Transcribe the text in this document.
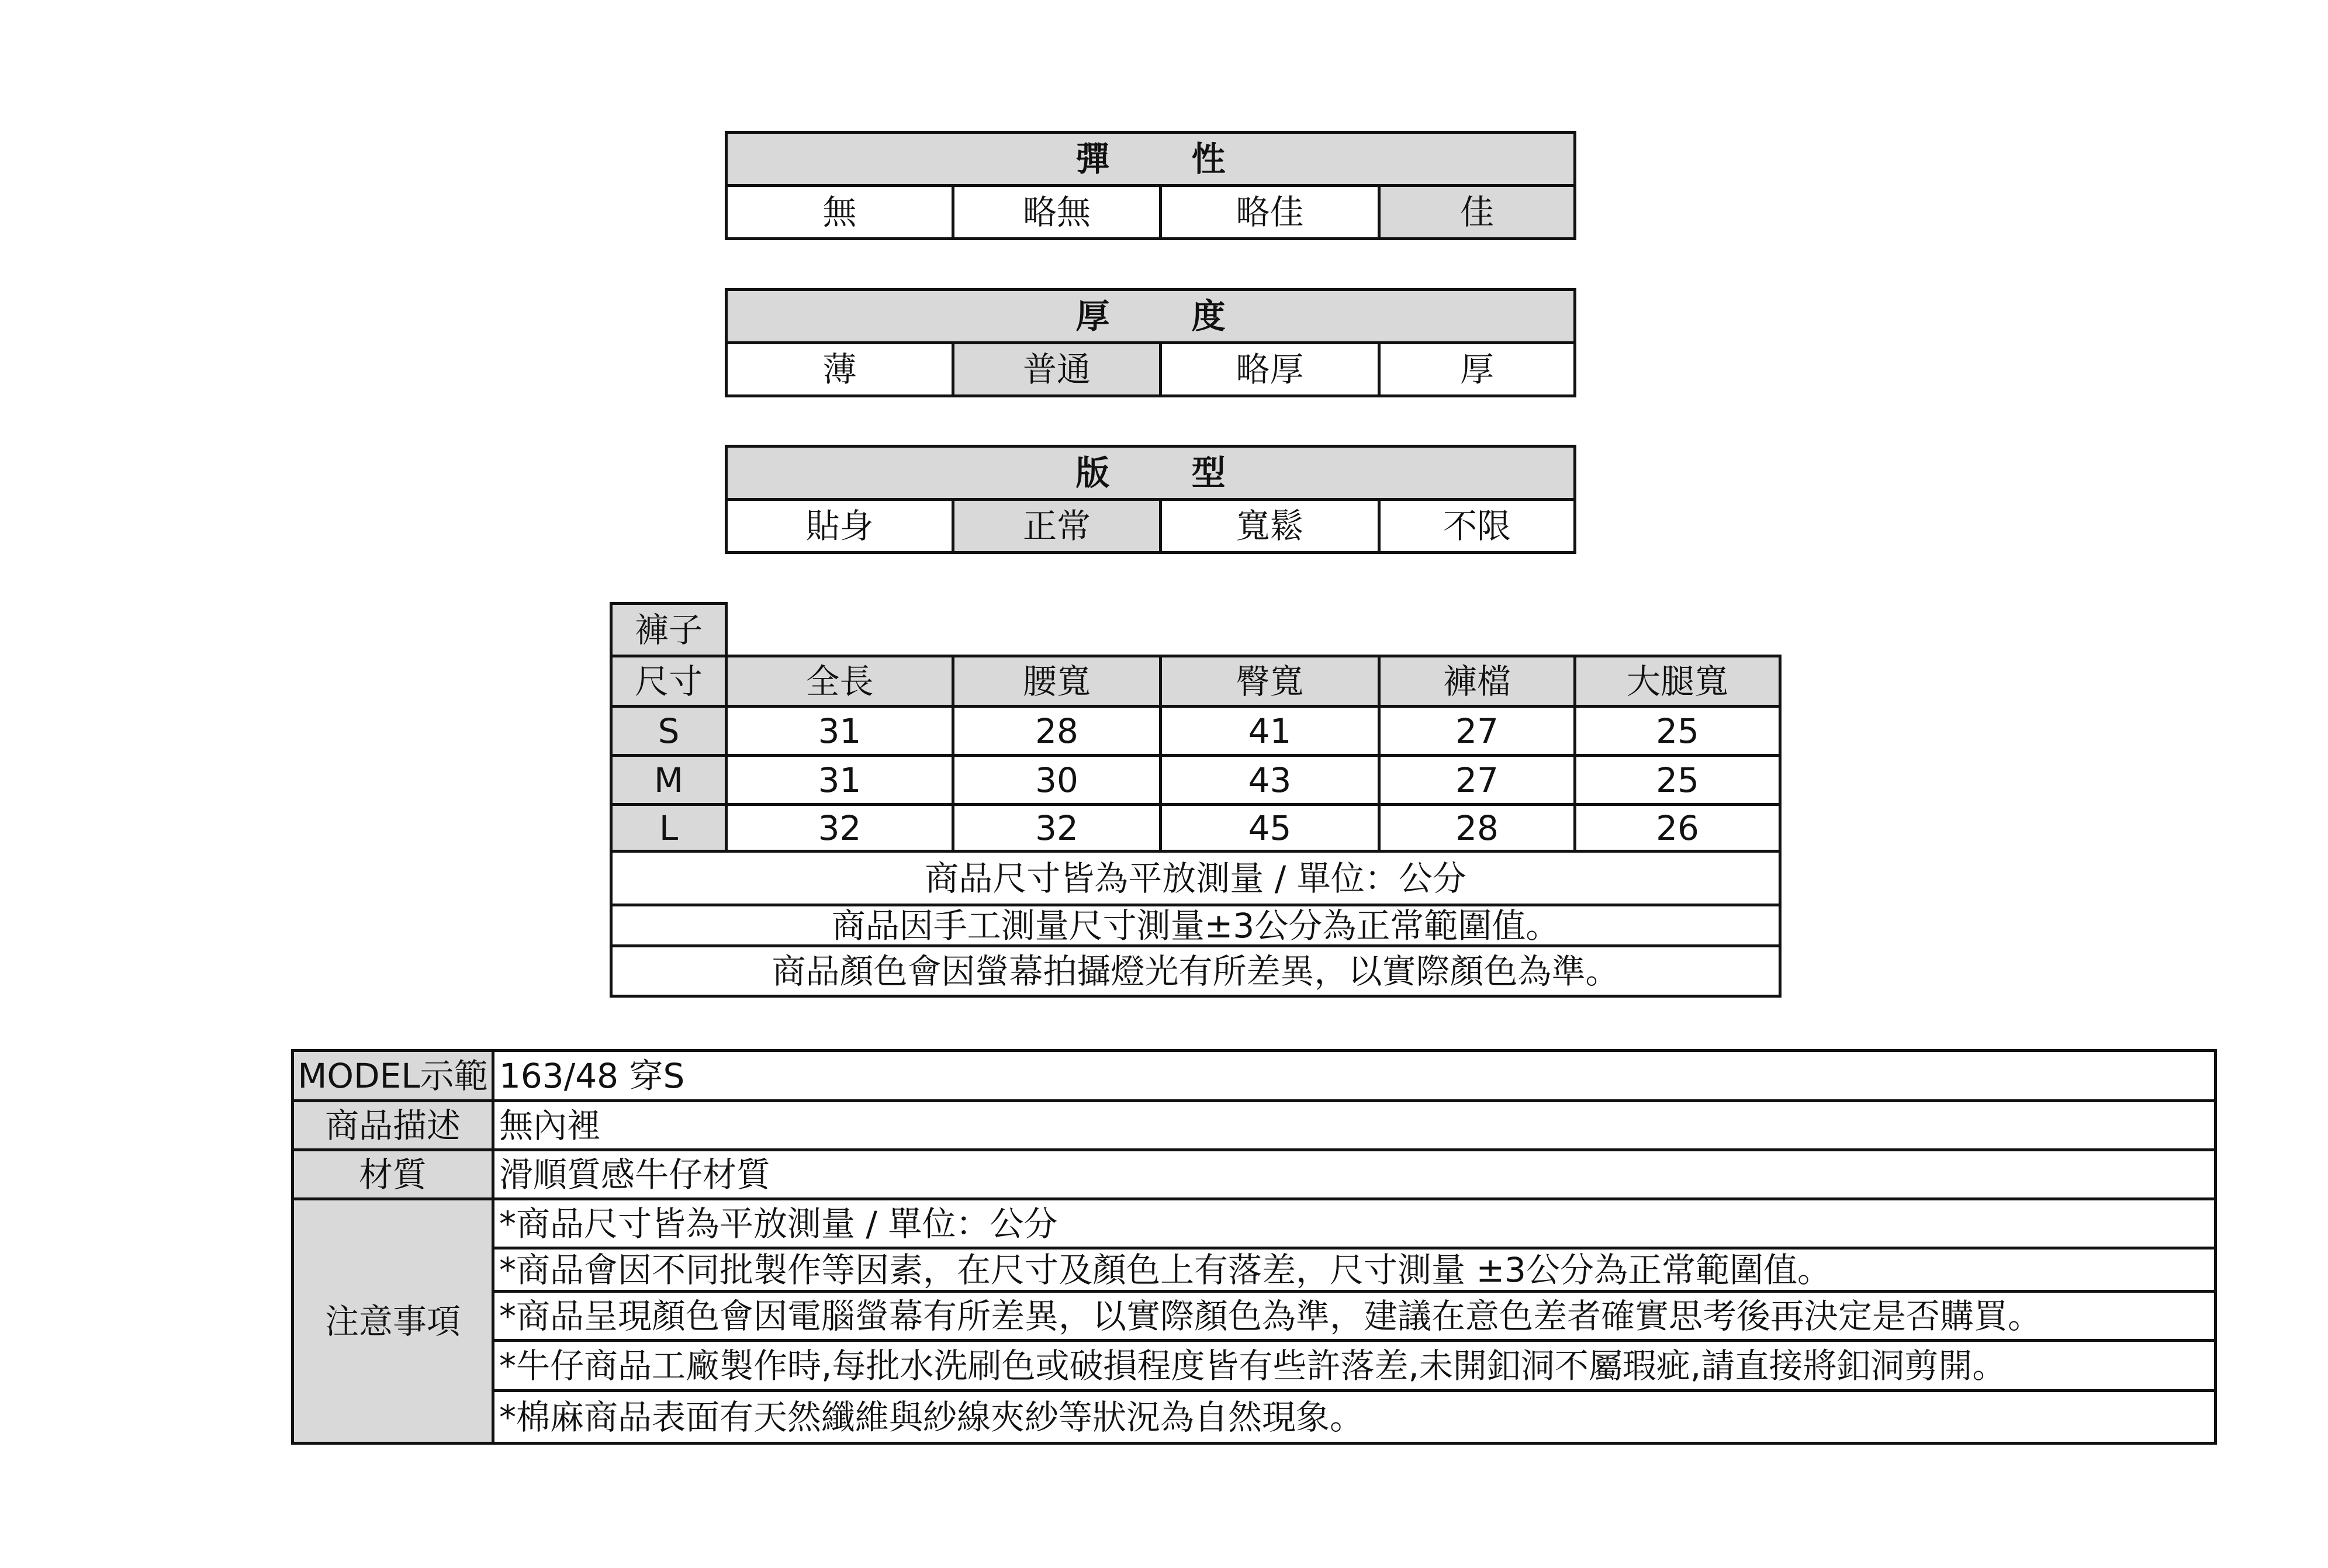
彈 性
無	略無	略佳	佳
厚 度
薄	普通	略厚	厚
版 型
貼身	正常	寬鬆	不限
褲子					
尺寸	全長	腰寬	臀寬	褲檔	大腿寬
S	31	28	41	27	25
M	31	30	43	27	25
L	32	32	45	28	26
商品尺寸皆為平放測量 / 單位：公分					
商品因手工測量尺寸測量±3公分為正常範圍值。					
商品顏色會因螢幕拍攝燈光有所差異，以實際顏色為準。					
MODEL示範	163/48 穿S
商品描述	無內裡
材質	滑順質感牛仔材質
注意事項	*商品尺寸皆為平放測量 / 單位：公分
	*商品會因不同批製作等因素，在尺寸及顏色上有落差，尺寸測量 ±3公分為正常範圍值。
	*商品呈現顏色會因電腦螢幕有所差異，以實際顏色為準，建議在意色差者確實思考後再決定是否購買。
	*牛仔商品工廠製作時,每批水洗刷色或破損程度皆有些許落差,未開釦洞不屬瑕疵,請直接將釦洞剪開。
	*棉麻商品表面有天然纖維與紗線夾紗等狀況為自然現象。
